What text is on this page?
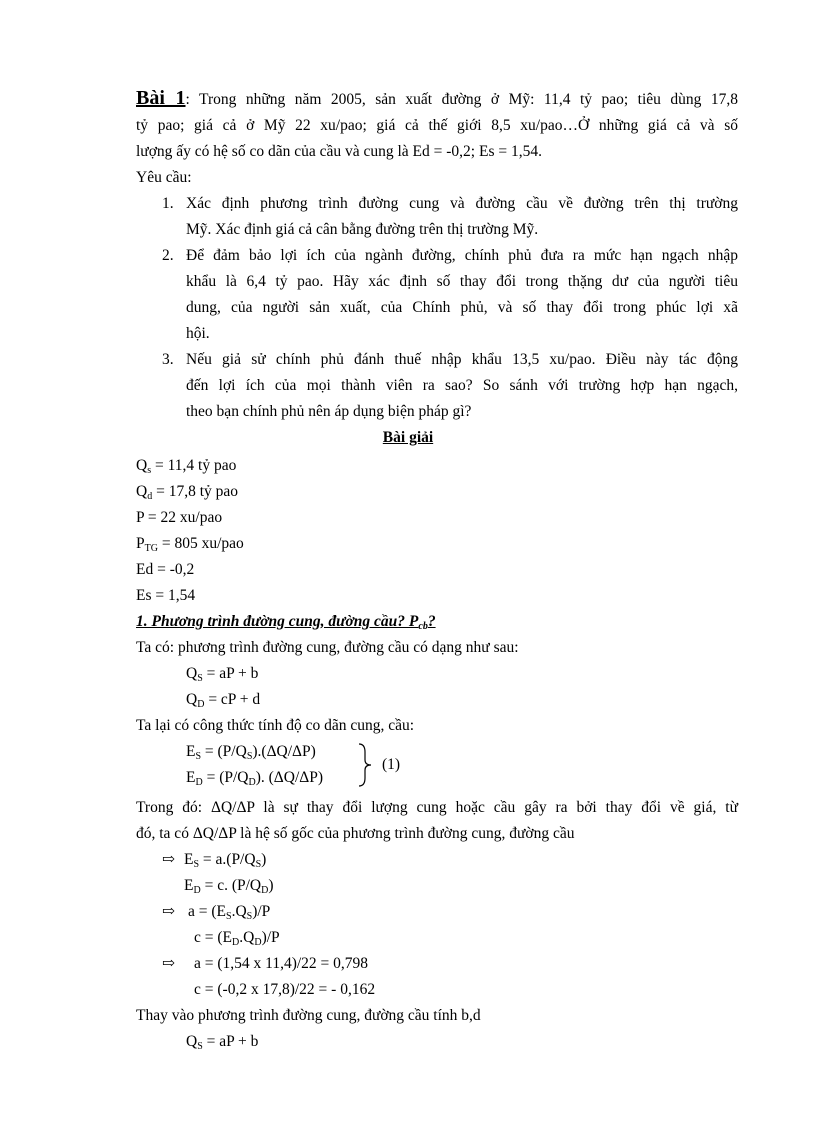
Bài 1: Trong những năm 2005, sản xuất đường ở Mỹ: 11,4 tỷ pao; tiêu dùng 17,8
tỷ pao; giá cả ở Mỹ 22 xu/pao; giá cả thế giới 8,5 xu/pao…Ở những giá cả và số
lượng ấy có hệ số co dãn của cầu và cung là Ed = -0,2; Es = 1,54.
Yêu cầu:
1. Xác định phương trình đường cung và đường cầu về đường trên thị trường
Mỹ. Xác định giá cả cân bằng đường trên thị trường Mỹ.
2. Để đảm bảo lợi ích của ngành đường, chính phủ đưa ra mức hạn ngạch nhập
khẩu là 6,4 tỷ pao. Hãy xác định số thay đổi trong thặng dư của người tiêu
dung, của người sản xuất, của Chính phủ, và số thay đổi trong phúc lợi xã
hội.
3. Nếu giả sử chính phủ đánh thuế nhập khẩu 13,5 xu/pao. Điều này tác động
đến lợi ích của mọi thành viên ra sao? So sánh với trường hợp hạn ngạch,
theo bạn chính phủ nên áp dụng biện pháp gì?
Bài giải
$Q_s = 11,4$ tỷ pao
$Q_d = 17,8$ tỷ pao
P = 22 xu/pao
$P_{TG} = 805$ xu/pao
Ed = -0,2
Es = 1,54
1. Phương trình đường cung, đường cầu? $P_{cb}$?
Ta có: phương trình đường cung, đường cầu có dạng như sau:
$Q_S$ = aP + b
$Q_D$ = cP + d
Ta lại có công thức tính độ co dãn cung, cầu:
$E_S = (P/Q_S).(\Delta Q/\Delta P)$
$E_D = (P/Q_D)$. (ΔQ/ΔP)
(1)
Trong đó: ΔQ/ΔP là sự thay đổi lượng cung hoặc cầu gây ra bởi thay đổi về giá, từ
đó, ta có ΔQ/ΔP là hệ số gốc của phương trình đường cung, đường cầu
⇨ $E_S = a.(P/Q_S)$
$E_D = c$. $(P/Q_D)$
⇨ $a = (E_S.Q_S)/P$
$c = (E_D.Q_D)/P$
⇨ a = (1,54 x 11,4)/22 = 0,798
c = (-0,2 x 17,8)/22 = - 0,162
Thay vào phương trình đường cung, đường cầu tính b,d
$Q_S$ = aP + b
